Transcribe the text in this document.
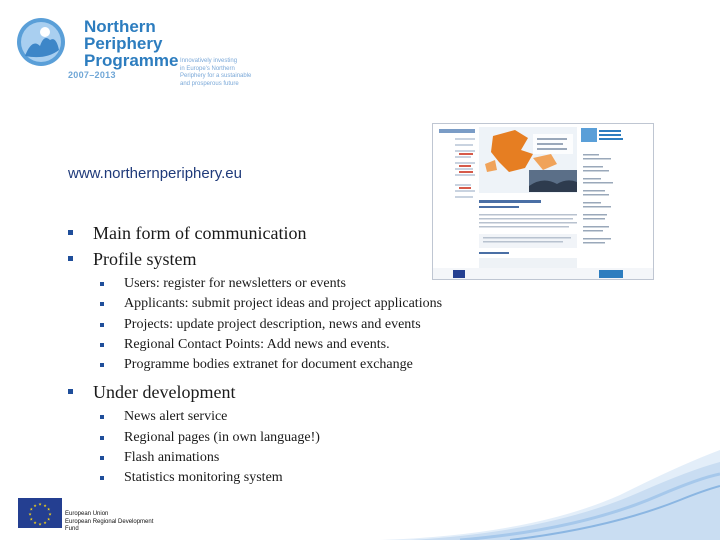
Northern
Periphery
Programme
2007–2013
Innovatively investing
in Europe's Northern
Periphery for a sustainable
and prosperous future
www.northernperiphery.eu
Main form of communication
Profile system
Users: register for newsletters or events
Applicants: submit project ideas and project applications
Projects: update project description, news and events
Regional Contact Points: Add news and events.
Programme bodies extranet for document exchange
Under development
News alert service
Regional pages (in own language!)
Flash animations
Statistics monitoring system
★ ★
★
★
★
★
★
★
★
★
★
★
European Union
European Regional Development Fund
